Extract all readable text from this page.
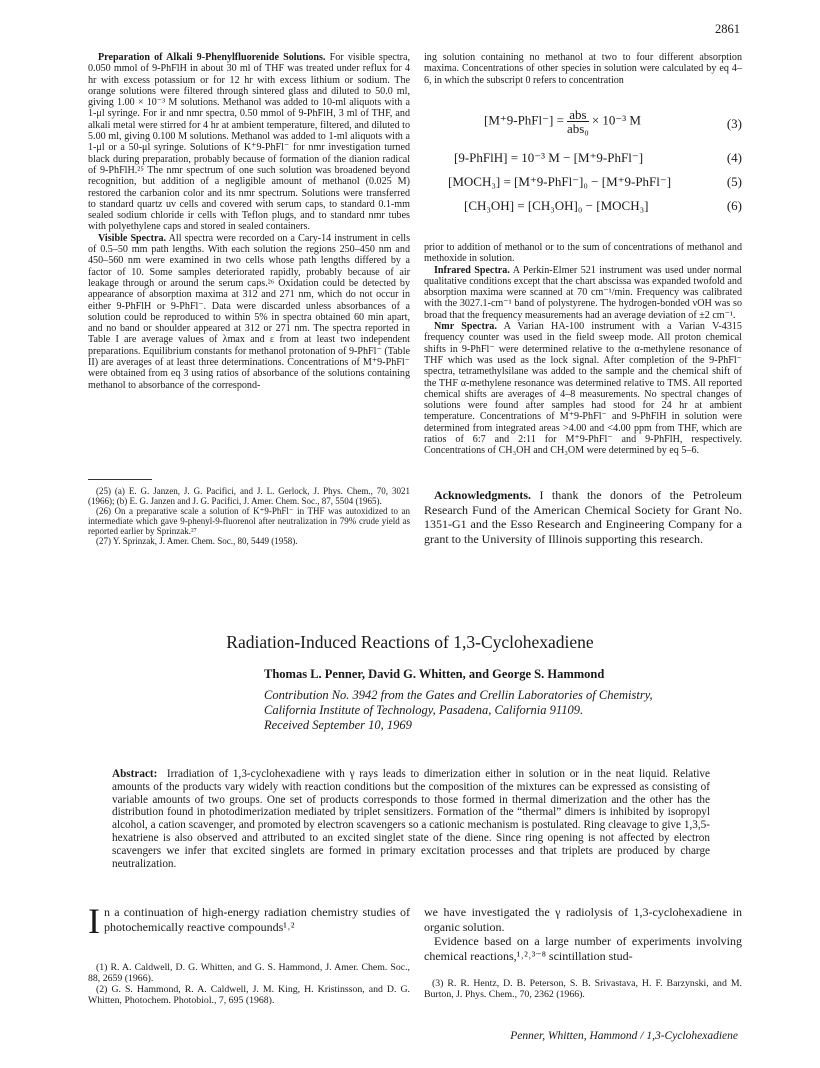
2861

Preparation of Alkali 9-Phenylfluorenide Solutions. For visible spectra, 0.050 mmol of 9-PhFlH in about 30 ml of THF was treated under reflux for 4 hr with excess potassium or for 12 hr with excess lithium or sodium. The orange solutions were filtered through sintered glass and diluted to 50.0 ml, giving 1.00 × 10⁻³ M solutions. Methanol was added to 10-ml aliquots with a 1-μl syringe. For ir and nmr spectra, 0.50 mmol of 9-PhFlH, 3 ml of THF, and alkali metal were stirred for 4 hr at ambient temperature, filtered, and diluted to 5.00 ml, giving 0.100 M solutions. Methanol was added to 1-ml aliquots with a 1-μl or a 50-μl syringe. Solutions of K⁺9-PhFl⁻ for nmr investigation turned black during preparation, probably because of formation of the dianion radical of 9-PhFlH.²⁵ The nmr spectrum of one such solution was broadened beyond recognition, but addition of a negligible amount of methanol (0.025 M) restored the carbanion color and its nmr spectrum. Solutions were transferred to standard quartz uv cells and covered with serum caps, to standard 0.1-mm sealed sodium chloride ir cells with Teflon plugs, and to standard nmr tubes with polyethylene caps and stored in sealed containers.

Visible Spectra. All spectra were recorded on a Cary-14 instrument in cells of 0.5–50 mm path lengths. With each solution the regions 250–450 nm and 450–560 nm were examined in two cells whose path lengths differed by a factor of 10. Some samples deteriorated rapidly, probably because of air leakage through or around the serum caps.²⁶ Oxidation could be detected by appearance of absorption maxima at 312 and 271 nm, which do not occur in either 9-PhFlH or 9-PhFl⁻. Data were discarded unless absorbances of a solution could be reproduced to within 5% in spectra obtained 60 min apart, and no band or shoulder appeared at 312 or 271 nm. The spectra reported in Table I are average values of λmax and ε from at least two independent preparations. Equilibrium constants for methanol protonation of 9-PhFl⁻ (Table II) are averages of at least three determinations. Concentrations of M⁺9-PhFl⁻ were obtained from eq 3 using ratios of absorbance of the solutions containing methanol to absorbance of the correspond-

(25) (a) E. G. Janzen, J. G. Pacifici, and J. L. Gerlock, J. Phys. Chem., 70, 3021 (1966); (b) E. G. Janzen and J. G. Pacifici, J. Amer. Chem. Soc., 87, 5504 (1965).

(26) On a preparative scale a solution of K⁺9-PhFl⁻ in THF was autoxidized to an intermediate which gave 9-phenyl-9-fluorenol after neutralization in 79% crude yield as reported earlier by Sprinzak.²⁷

(27) Y. Sprinzak, J. Amer. Chem. Soc., 80, 5449 (1958).

ing solution containing no methanol at two to four different absorption maxima. Concentrations of other species in solution were calculated by eq 4–6, in which the subscript 0 refers to concentration
[M⁺9-PhFl⁻] = $\frac{\text{abs}}{\text{abs₀}} \times 10^{-3}$ M	(3)
[9-PhFlH] = 10⁻³ M − [M⁺9-PhFl⁻]	(4)
[MOCH₃] = [M⁺9-PhFl⁻]₀ − [M⁺9-PhFl⁻]	(5)
[CH₃OH] = [CH₃OH]₀ − [MOCH₃]	(6)

prior to addition of methanol or to the sum of concentrations of methanol and methoxide in solution.

Infrared Spectra. A Perkin-Elmer 521 instrument was used under normal qualitative conditions except that the chart abscissa was expanded twofold and absorption maxima were scanned at 70 cm⁻¹/min. Frequency was calibrated with the 3027.1-cm⁻¹ band of polystyrene. The hydrogen-bonded νOH was so broad that the frequency measurements had an average deviation of ±2 cm⁻¹.

Nmr Spectra. A Varian HA-100 instrument with a Varian V-4315 frequency counter was used in the field sweep mode. All proton chemical shifts in 9-PhFl⁻ were determined relative to the α-methylene resonance of THF which was used as the lock signal. After completion of the 9-PhFl⁻ spectra, tetramethylsilane was added to the sample and the chemical shift of the THF α-methylene resonance was determined relative to TMS. All reported chemical shifts are averages of 4–8 measurements. No spectral changes of solutions were found after samples had stood for 24 hr at ambient temperature. Concentrations of M⁺9-PhFl⁻ and 9-PhFlH in solution were determined from integrated areas >4.00 and <4.00 ppm from THF, which are ratios of 6:7 and 2:11 for M⁺9-PhFl⁻ and 9-PhFlH, respectively. Concentrations of CH₃OH and CH₃OM were determined by eq 5–6.

Acknowledgments. I thank the donors of the Petroleum Research Fund of the American Chemical Society for Grant No. 1351-G1 and the Esso Research and Engineering Company for a grant to the University of Illinois supporting this research.
Radiation-Induced Reactions of 1,3-Cyclohexadiene
Thomas L. Penner, David G. Whitten, and George S. Hammond
Contribution No. 3942 from the Gates and Crellin Laboratories of Chemistry,
California Institute of Technology, Pasadena, California 91109.
Received September 10, 1969
Abstract: Irradiation of 1,3-cyclohexadiene with γ rays leads to dimerization either in solution or in the neat liquid. Relative amounts of the products vary widely with reaction conditions but the composition of the mixtures can be expressed as consisting of variable amounts of two groups. One set of products corresponds to those formed in thermal dimerization and the other has the distribution found in photodimerization mediated by triplet sensitizers. Formation of the “thermal” dimers is inhibited by isopropyl alcohol, a cation scavenger, and promoted by electron scavengers so a cationic mechanism is postulated. Ring cleavage to give 1,3,5-hexatriene is also observed and attributed to an excited singlet state of the diene. Since ring opening is not affected by electron scavengers we infer that excited singlets are formed in primary excitation processes and that triplets are produced by charge neutralization.
In a continuation of high-energy radiation chemistry studies of photochemically reactive compounds¹˒²

(1) R. A. Caldwell, D. G. Whitten, and G. S. Hammond, J. Amer. Chem. Soc., 88, 2659 (1966).

(2) G. S. Hammond, R. A. Caldwell, J. M. King, H. Kristinsson, and D. G. Whitten, Photochem. Photobiol., 7, 695 (1968).

we have investigated the γ radiolysis of 1,3-cyclohexadiene in organic solution.
Evidence based on a large number of experiments involving chemical reactions,¹˒²˒³⁻⁸ scintillation stud-

(3) R. R. Hentz, D. B. Peterson, S. B. Srivastava, H. F. Barzynski, and M. Burton, J. Phys. Chem., 70, 2362 (1966).

Penner, Whitten, Hammond / 1,3-Cyclohexadiene
